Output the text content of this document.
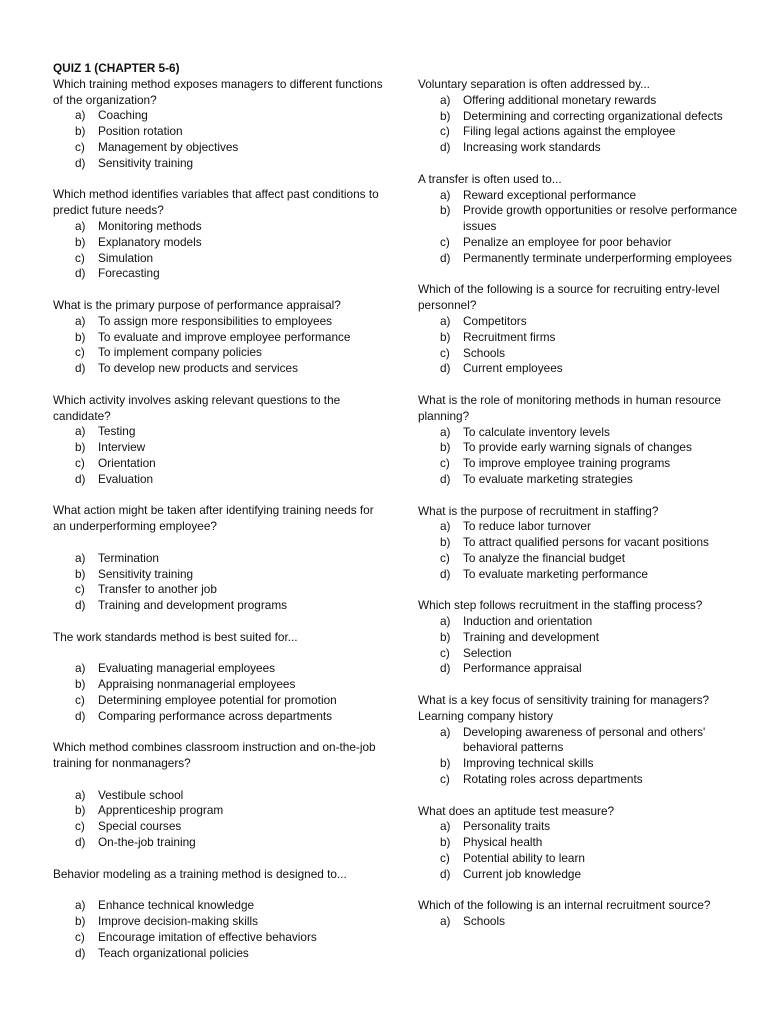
QUIZ 1 (CHAPTER 5-6)

Which training method exposes managers to different functions of the organization?

a) Coaching
b) Position rotation
c) Management by objectives
d) Sensitivity training

Which method identifies variables that affect past conditions to predict future needs?

a) Monitoring methods
b) Explanatory models
c) Simulation
d) Forecasting

What is the primary purpose of performance appraisal?

a) To assign more responsibilities to employees
b) To evaluate and improve employee performance
c) To implement company policies
d) To develop new products and services

Which activity involves asking relevant questions to the candidate?

a) Testing
b) Interview
c) Orientation
d) Evaluation

What action might be taken after identifying training needs for an underperforming employee?

a) Termination
b) Sensitivity training
c) Transfer to another job
d) Training and development programs

The work standards method is best suited for...

a) Evaluating managerial employees
b) Appraising nonmanagerial employees
c) Determining employee potential for promotion
d) Comparing performance across departments

Which method combines classroom instruction and on-the-job training for nonmanagers?

a) Vestibule school
b) Apprenticeship program
c) Special courses
d) On-the-job training

Behavior modeling as a training method is designed to...

a) Enhance technical knowledge
b) Improve decision-making skills
c) Encourage imitation of effective behaviors
d) Teach organizational policies

Voluntary separation is often addressed by...

a) Offering additional monetary rewards
b) Determining and correcting organizational defects
c) Filing legal actions against the employee
d) Increasing work standards

A transfer is often used to...

a) Reward exceptional performance
b) Provide growth opportunities or resolve performance issues
c) Penalize an employee for poor behavior
d) Permanently terminate underperforming employees

Which of the following is a source for recruiting entry-level personnel?

a) Competitors
b) Recruitment firms
c) Schools
d) Current employees

What is the role of monitoring methods in human resource planning?

a) To calculate inventory levels
b) To provide early warning signals of changes
c) To improve employee training programs
d) To evaluate marketing strategies

What is the purpose of recruitment in staffing?

a) To reduce labor turnover
b) To attract qualified persons for vacant positions
c) To analyze the financial budget
d) To evaluate marketing performance

Which step follows recruitment in the staffing process?

a) Induction and orientation
b) Training and development
c) Selection
d) Performance appraisal

What is a key focus of sensitivity training for managers? Learning company history

a) Developing awareness of personal and others' behavioral patterns
b) Improving technical skills
c) Rotating roles across departments

What does an aptitude test measure?

a) Personality traits
b) Physical health
c) Potential ability to learn
d) Current job knowledge

Which of the following is an internal recruitment source?

a) Schools
